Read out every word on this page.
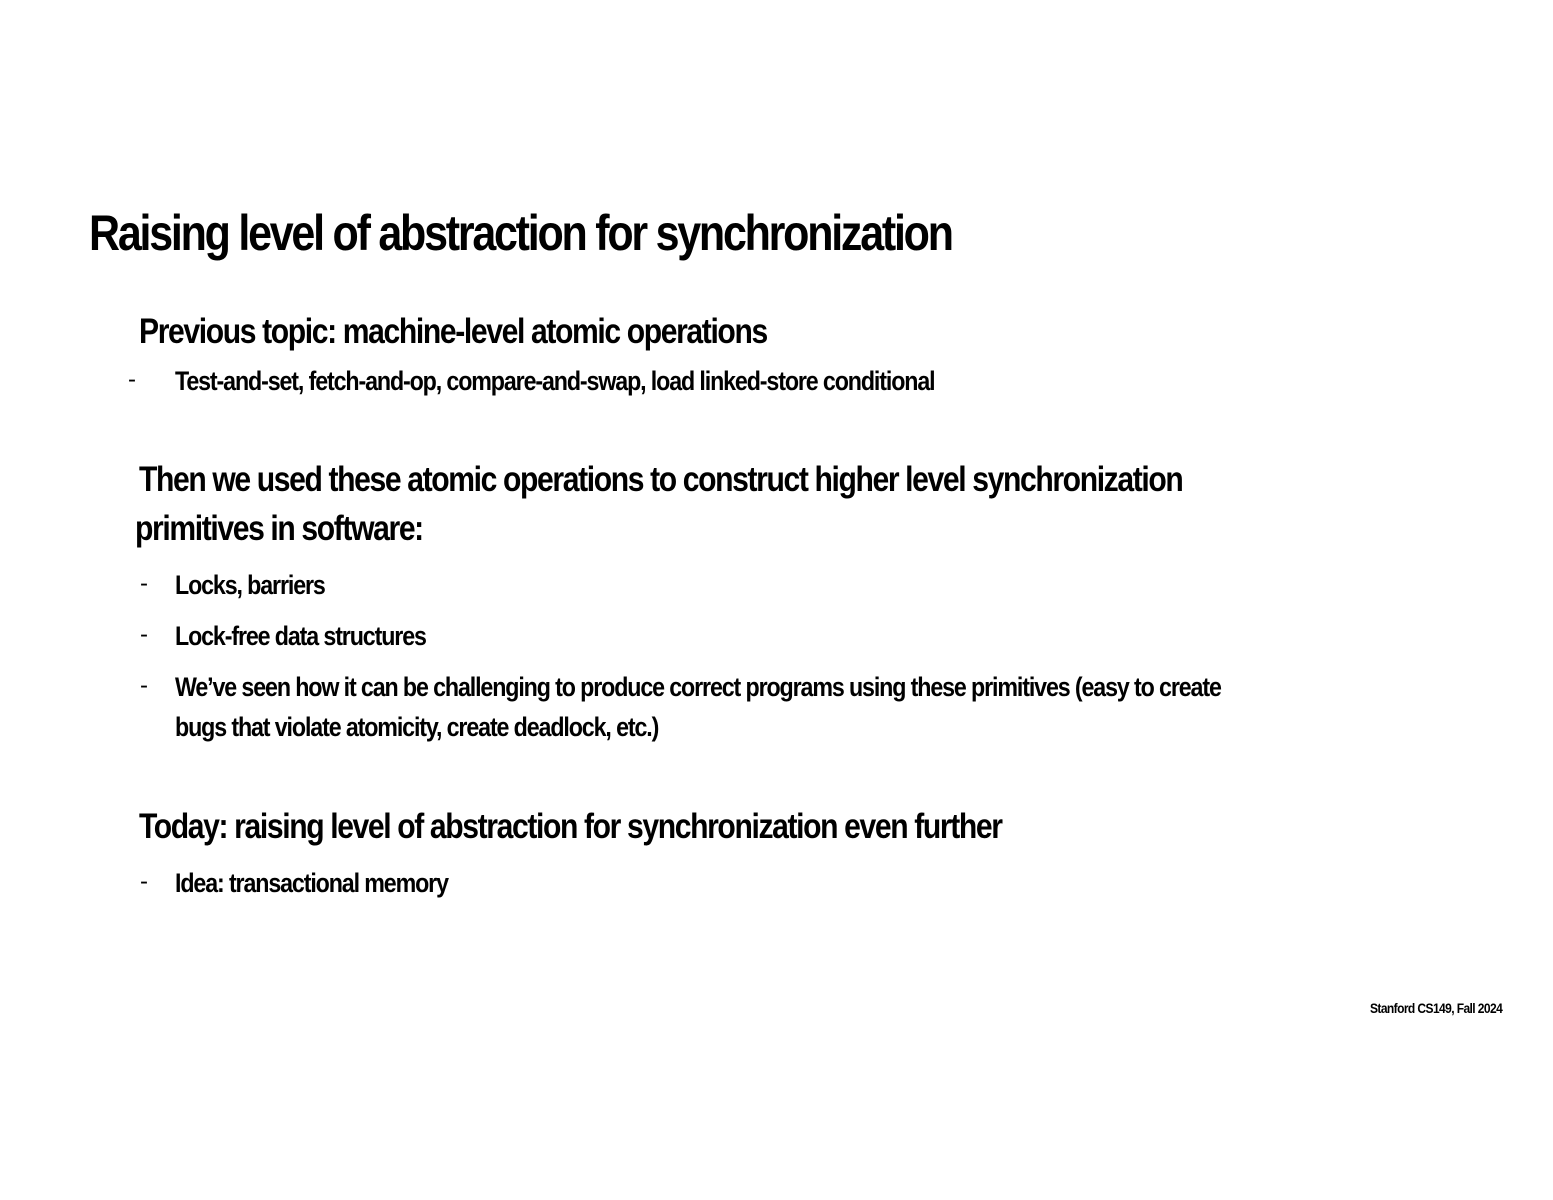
Raising level of abstraction for synchronization
Previous topic: machine-level atomic operations
- Test-and-set, fetch-and-op, compare-and-swap, load linked-store conditional
Then we used these atomic operations to construct higher level synchronization
primitives in software:
- Locks, barriers
- Lock-free data structures
- We’ve seen how it can be challenging to produce correct programs using these primitives (easy to create
bugs that violate atomicity, create deadlock, etc.)
Today: raising level of abstraction for synchronization even further
- Idea: transactional memory
Stanford CS149, Fall 2024
